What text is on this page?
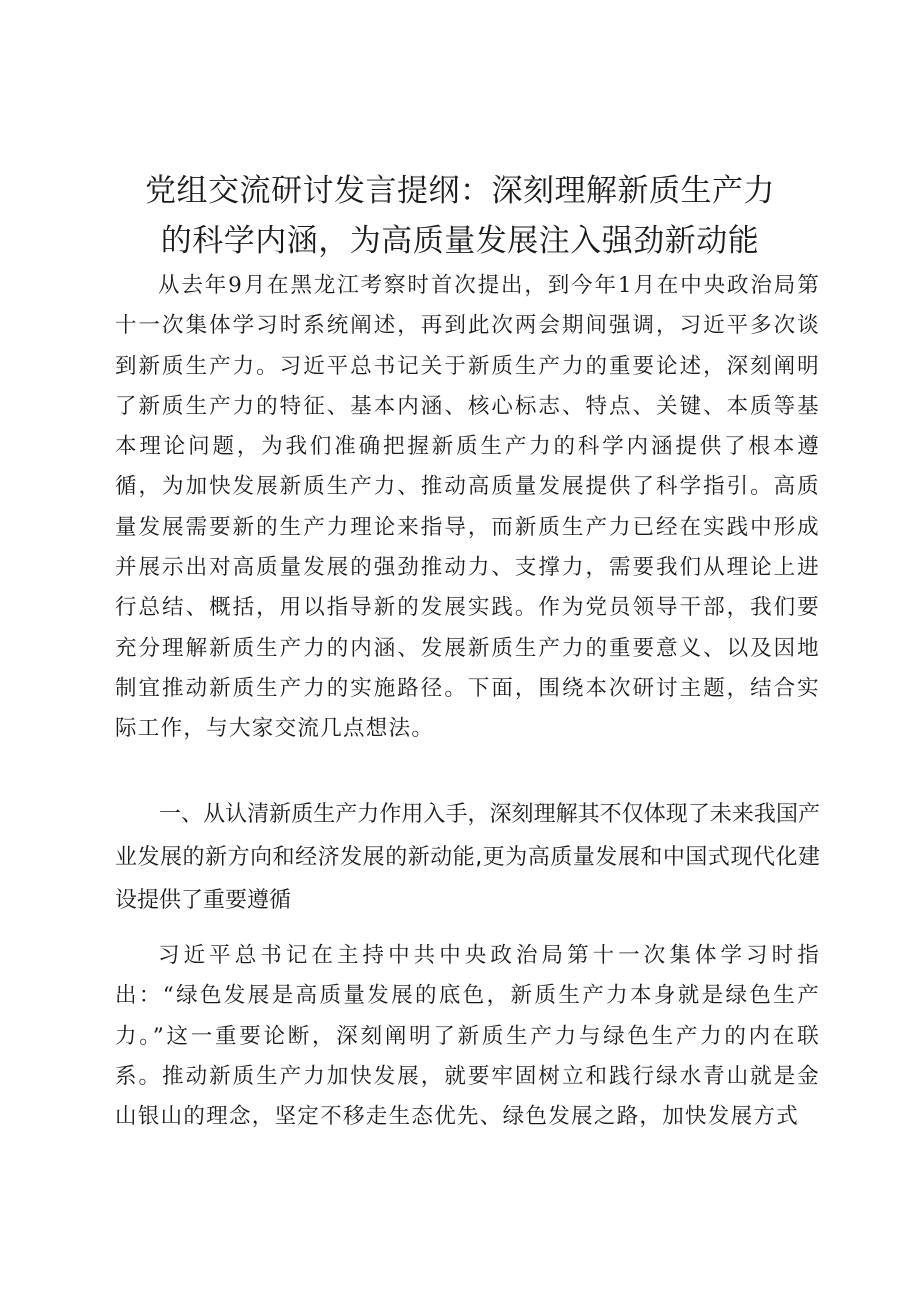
党组交流研讨发言提纲：深刻理解新质生产力
的科学内涵，为高质量发展注入强劲新动能

从去年9月在黑龙江考察时首次提出，到今年1月在中央政治局第十一次集体学习时系统阐述，再到此次两会期间强调，习近平多次谈到新质生产力。习近平总书记关于新质生产力的重要论述，深刻阐明了新质生产力的特征、基本内涵、核心标志、特点、关键、本质等基本理论问题，为我们准确把握新质生产力的科学内涵提供了根本遵循，为加快发展新质生产力、推动高质量发展提供了科学指引。高质量发展需要新的生产力理论来指导，而新质生产力已经在实践中形成并展示出对高质量发展的强劲推动力、支撑力，需要我们从理论上进行总结、概括，用以指导新的发展实践。作为党员领导干部，我们要充分理解新质生产力的内涵、发展新质生产力的重要意义、以及因地制宜推动新质生产力的实施路径。下面，围绕本次研讨主题，结合实际工作，与大家交流几点想法。

一、从认清新质生产力作用入手，深刻理解其不仅体现了未来我国产业发展的新方向和经济发展的新动能,更为高质量发展和中国式现代化建设提供了重要遵循

习近平总书记在主持中共中央政治局第十一次集体学习时指出：“绿色发展是高质量发展的底色，新质生产力本身就是绿色生产力。”这一重要论断，深刻阐明了新质生产力与绿色生产力的内在联系。推动新质生产力加快发展，就要牢固树立和践行绿水青山就是金山银山的理念，坚定不移走生态优先、绿色发展之路，加快发展方式
